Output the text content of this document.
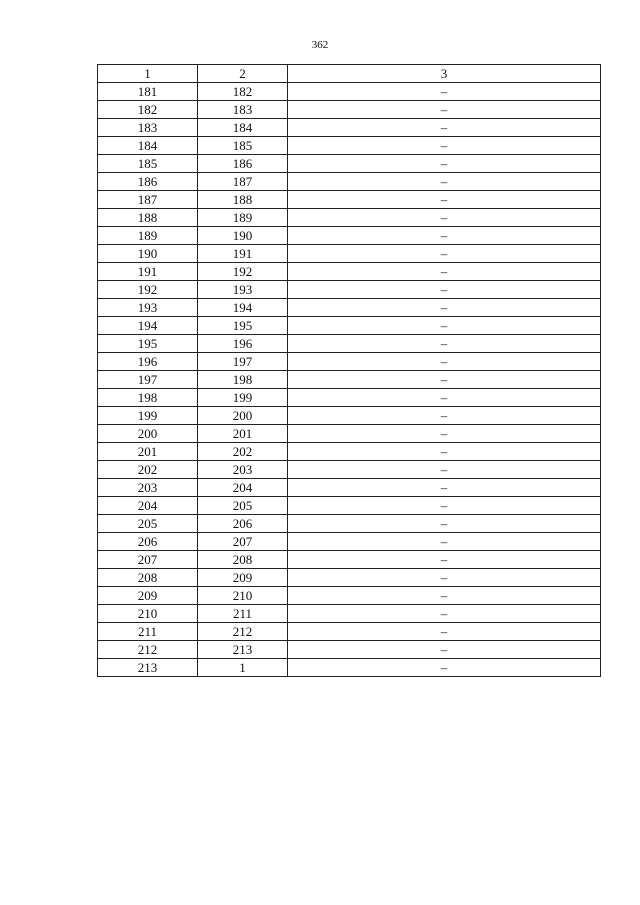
362
1	2	3
181	182	–
182	183	–
183	184	–
184	185	–
185	186	–
186	187	–
187	188	–
188	189	–
189	190	–
190	191	–
191	192	–
192	193	–
193	194	–
194	195	–
195	196	–
196	197	–
197	198	–
198	199	–
199	200	–
200	201	–
201	202	–
202	203	–
203	204	–
204	205	–
205	206	–
206	207	–
207	208	–
208	209	–
209	210	–
210	211	–
211	212	–
212	213	–
213	1	–
